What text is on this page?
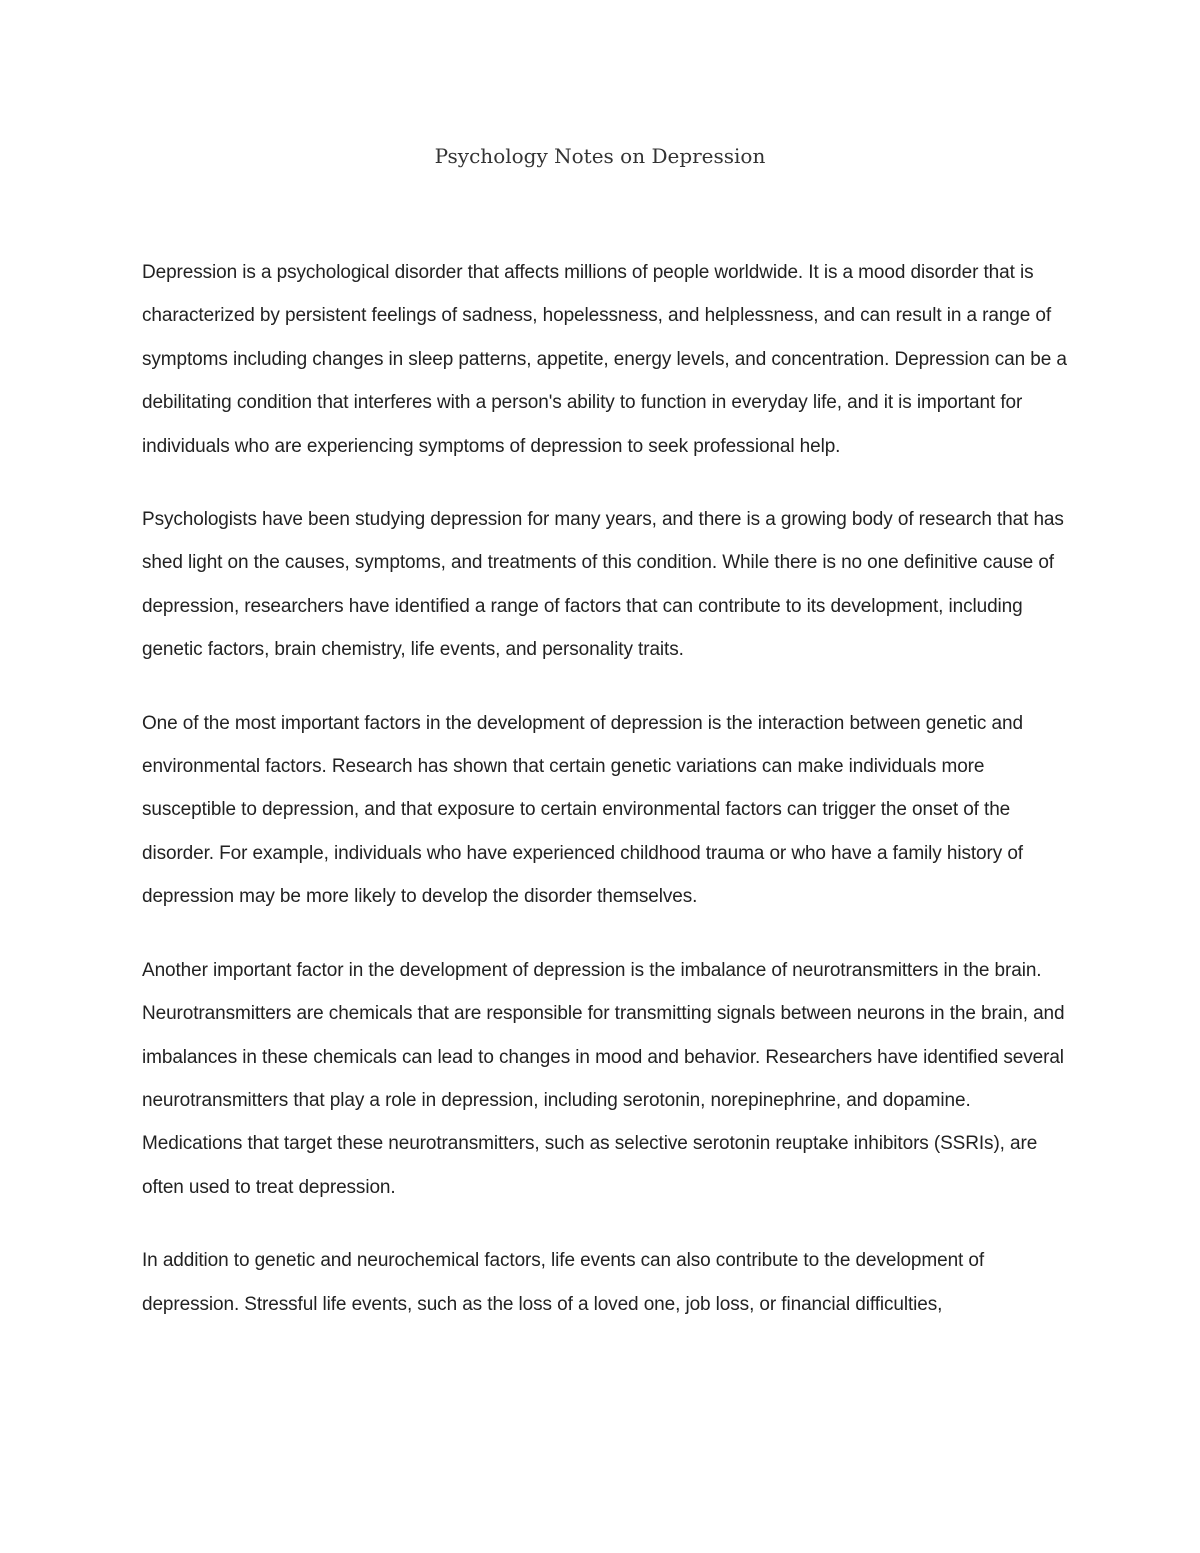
Psychology Notes on Depression

Depression is a psychological disorder that affects millions of people worldwide. It is a mood disorder that is characterized by persistent feelings of sadness, hopelessness, and helplessness, and can result in a range of symptoms including changes in sleep patterns, appetite, energy levels, and concentration. Depression can be a debilitating condition that interferes with a person's ability to function in everyday life, and it is important for individuals who are experiencing symptoms of depression to seek professional help.

Psychologists have been studying depression for many years, and there is a growing body of research that has shed light on the causes, symptoms, and treatments of this condition. While there is no one definitive cause of depression, researchers have identified a range of factors that can contribute to its development, including genetic factors, brain chemistry, life events, and personality traits.

One of the most important factors in the development of depression is the interaction between genetic and environmental factors. Research has shown that certain genetic variations can make individuals more susceptible to depression, and that exposure to certain environmental factors can trigger the onset of the disorder. For example, individuals who have experienced childhood trauma or who have a family history of depression may be more likely to develop the disorder themselves.

Another important factor in the development of depression is the imbalance of neurotransmitters in the brain. Neurotransmitters are chemicals that are responsible for transmitting signals between neurons in the brain, and imbalances in these chemicals can lead to changes in mood and behavior. Researchers have identified several neurotransmitters that play a role in depression, including serotonin, norepinephrine, and dopamine. Medications that target these neurotransmitters, such as selective serotonin reuptake inhibitors (SSRIs), are often used to treat depression.

In addition to genetic and neurochemical factors, life events can also contribute to the development of depression. Stressful life events, such as the loss of a loved one, job loss, or financial difficulties,
